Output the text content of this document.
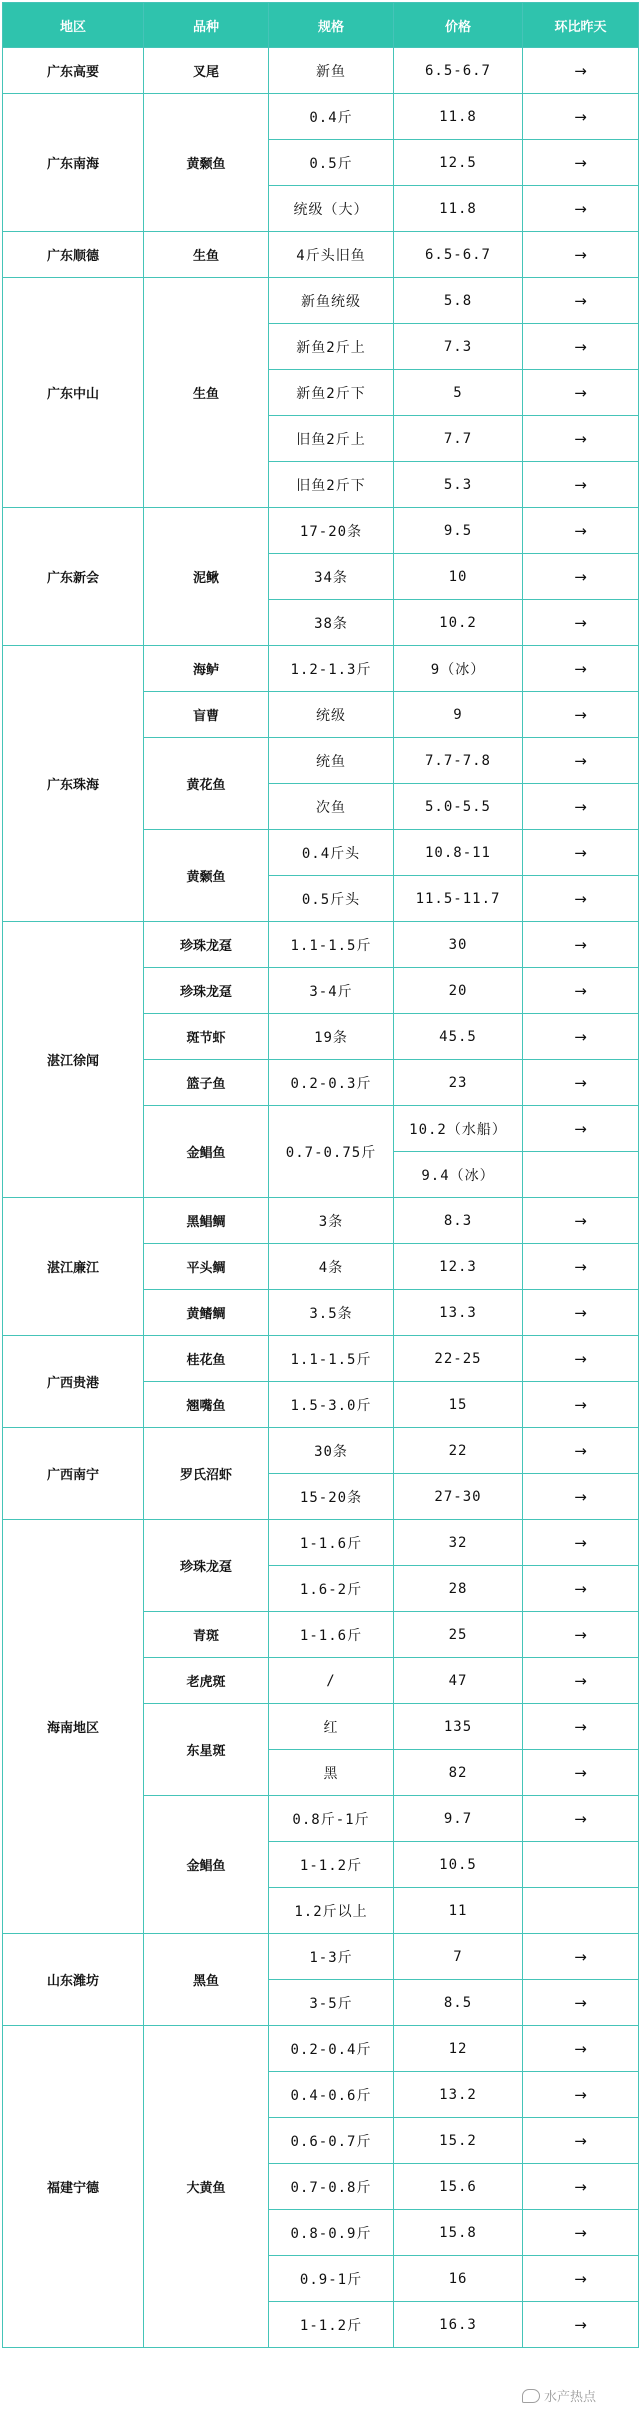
地区	品种	规格	价格	环比昨天
广东高要	叉尾	新鱼	6.5-6.7	→
广东南海	黄颡鱼	0.4斤	11.8	→
		0.5斤	12.5	→
		统级（大）	11.8	→
广东顺德	生鱼	4斤头旧鱼	6.5-6.7	→
广东中山	生鱼	新鱼统级	5.8	→
		新鱼2斤上	7.3	→
		新鱼2斤下	5	→
		旧鱼2斤上	7.7	→
		旧鱼2斤下	5.3	→
广东新会	泥鳅	17-20条	9.5	→
		34条	10	→
		38条	10.2	→
广东珠海	海鲈	1.2-1.3斤	9（冰）	→
	盲曹	统级	9	→
	黄花鱼	统鱼	7.7-7.8	→
		次鱼	5.0-5.5	→
	黄颡鱼	0.4斤头	10.8-11	→
		0.5斤头	11.5-11.7	→
湛江徐闻	珍珠龙趸	1.1-1.5斤	30	→
	珍珠龙趸	3-4斤	20	→
	斑节虾	19条	45.5	→
	篮子鱼	0.2-0.3斤	23	→
	金鲳鱼	0.7-0.75斤	10.2（水船）	→
			9.4（冰）	
湛江廉江	黑鲳鲷	3条	8.3	→
	平头鲷	4条	12.3	→
	黄鳍鲷	3.5条	13.3	→
广西贵港	桂花鱼	1.1-1.5斤	22-25	→
	翘嘴鱼	1.5-3.0斤	15	→
广西南宁	罗氏沼虾	30条	22	→
		15-20条	27-30	→
海南地区	珍珠龙趸	1-1.6斤	32	→
		1.6-2斤	28	→
	青斑	1-1.6斤	25	→
	老虎斑	/	47	→
	东星斑	红	135	→
		黑	82	→
	金鲳鱼	0.8斤-1斤	9.7	→
		1-1.2斤	10.5	
		1.2斤以上	11	
山东潍坊	黑鱼	1-3斤	7	→
		3-5斤	8.5	→
福建宁德	大黄鱼	0.2-0.4斤	12	→
		0.4-0.6斤	13.2	→
		0.6-0.7斤	15.2	→
		0.7-0.8斤	15.6	→
		0.8-0.9斤	15.8	→
		0.9-1斤	16	→
		1-1.2斤	16.3	→
水产热点
